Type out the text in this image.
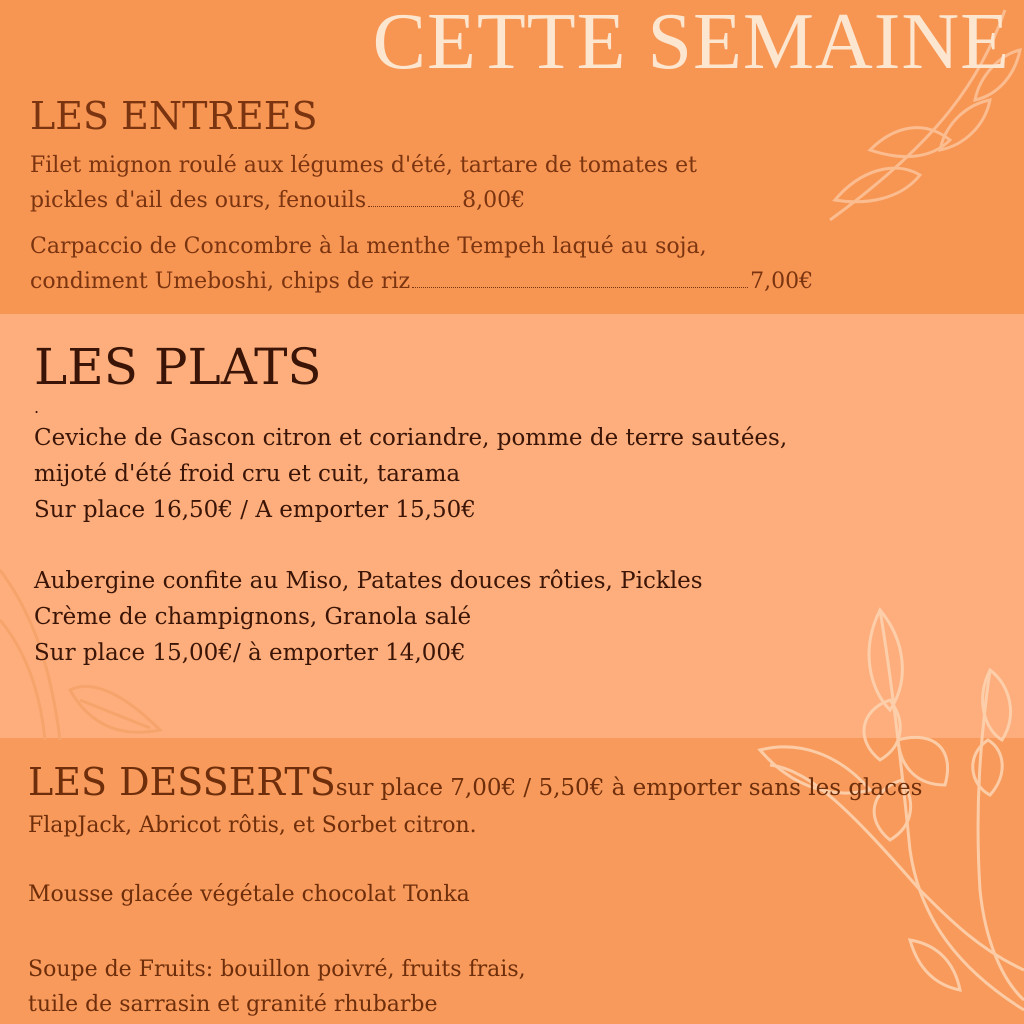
CETTE SEMAINE
LES ENTREES
Filet mignon roulé aux légumes d'été, tartare de tomates et
pickles d'ail des ours, fenouils	8,00€
Carpaccio de Concombre à la menthe Tempeh laqué au soja,
condiment Umeboshi, chips de riz	7,00€
LES PLATS
.
Ceviche de Gascon citron et coriandre, pomme de terre sautées,
mijoté d'été froid cru et cuit, tarama
Sur place 16,50€ / A emporter 15,50€
Aubergine confite au Miso, Patates douces rôties, Pickles
Crème de champignons, Granola salé
Sur place 15,00€/ à emporter 14,00€
LES DESSERTSsur place 7,00€ / 5,50€ à emporter sans les glaces
FlapJack, Abricot rôtis, et Sorbet citron.
Mousse glacée végétale chocolat Tonka
Soupe de Fruits: bouillon poivré, fruits frais,
tuile de sarrasin et granité rhubarbe
